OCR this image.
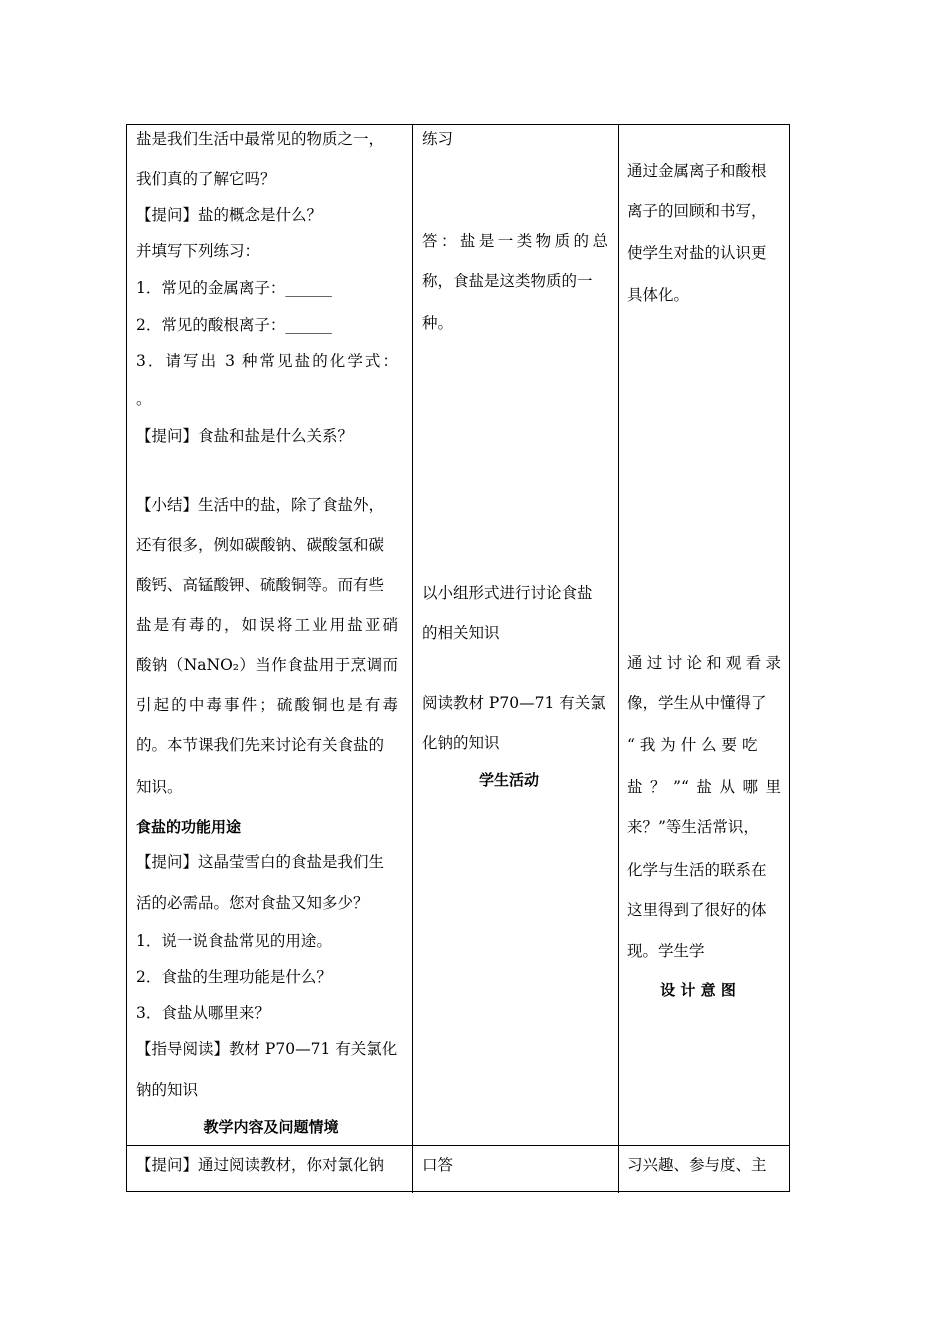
盐是我们生活中最常见的物质之一，
我们真的了解它吗？
【提问】盐的概念是什么？
并填写下列练习：
1．常见的金属离子：______
2．常见的酸根离子：______
3．请写出 3 种常见盐的化学式：
。
【提问】食盐和盐是什么关系？
【小结】生活中的盐，除了食盐外，
还有很多，例如碳酸钠、碳酸氢和碳
酸钙、高锰酸钾、硫酸铜等。而有些
盐是有毒的，如误将工业用盐亚硝
酸钠（NaNO₂）当作食盐用于烹调而
引起的中毒事件；硫酸铜也是有毒
的。本节课我们先来讨论有关食盐的
知识。
食盐的功能用途
【提问】这晶莹雪白的食盐是我们生
活的必需品。您对食盐又知多少？
1．说一说食盐常见的用途。
2．食盐的生理功能是什么？
3．食盐从哪里来？
【指导阅读】教材 P70—71 有关氯化
钠的知识
教学内容及问题情境
【提问】通过阅读教材，你对氯化钠
练习
答：盐是一类物质的总
称，食盐是这类物质的一
种。
以小组形式进行讨论食盐
的相关知识
阅读教材 P70—71 有关氯
化钠的知识
学生活动
口答
通过金属离子和酸根
离子的回顾和书写，
使学生对盐的认识更
具体化。
通过讨论和观看录
像，学生从中懂得了
“ 我 为 什 么 要 吃
盐？”“盐从哪里
来？”等生活常识，
化学与生活的联系在
这里得到了很好的体
现。学生学
设 计 意 图
习兴趣、参与度、主
